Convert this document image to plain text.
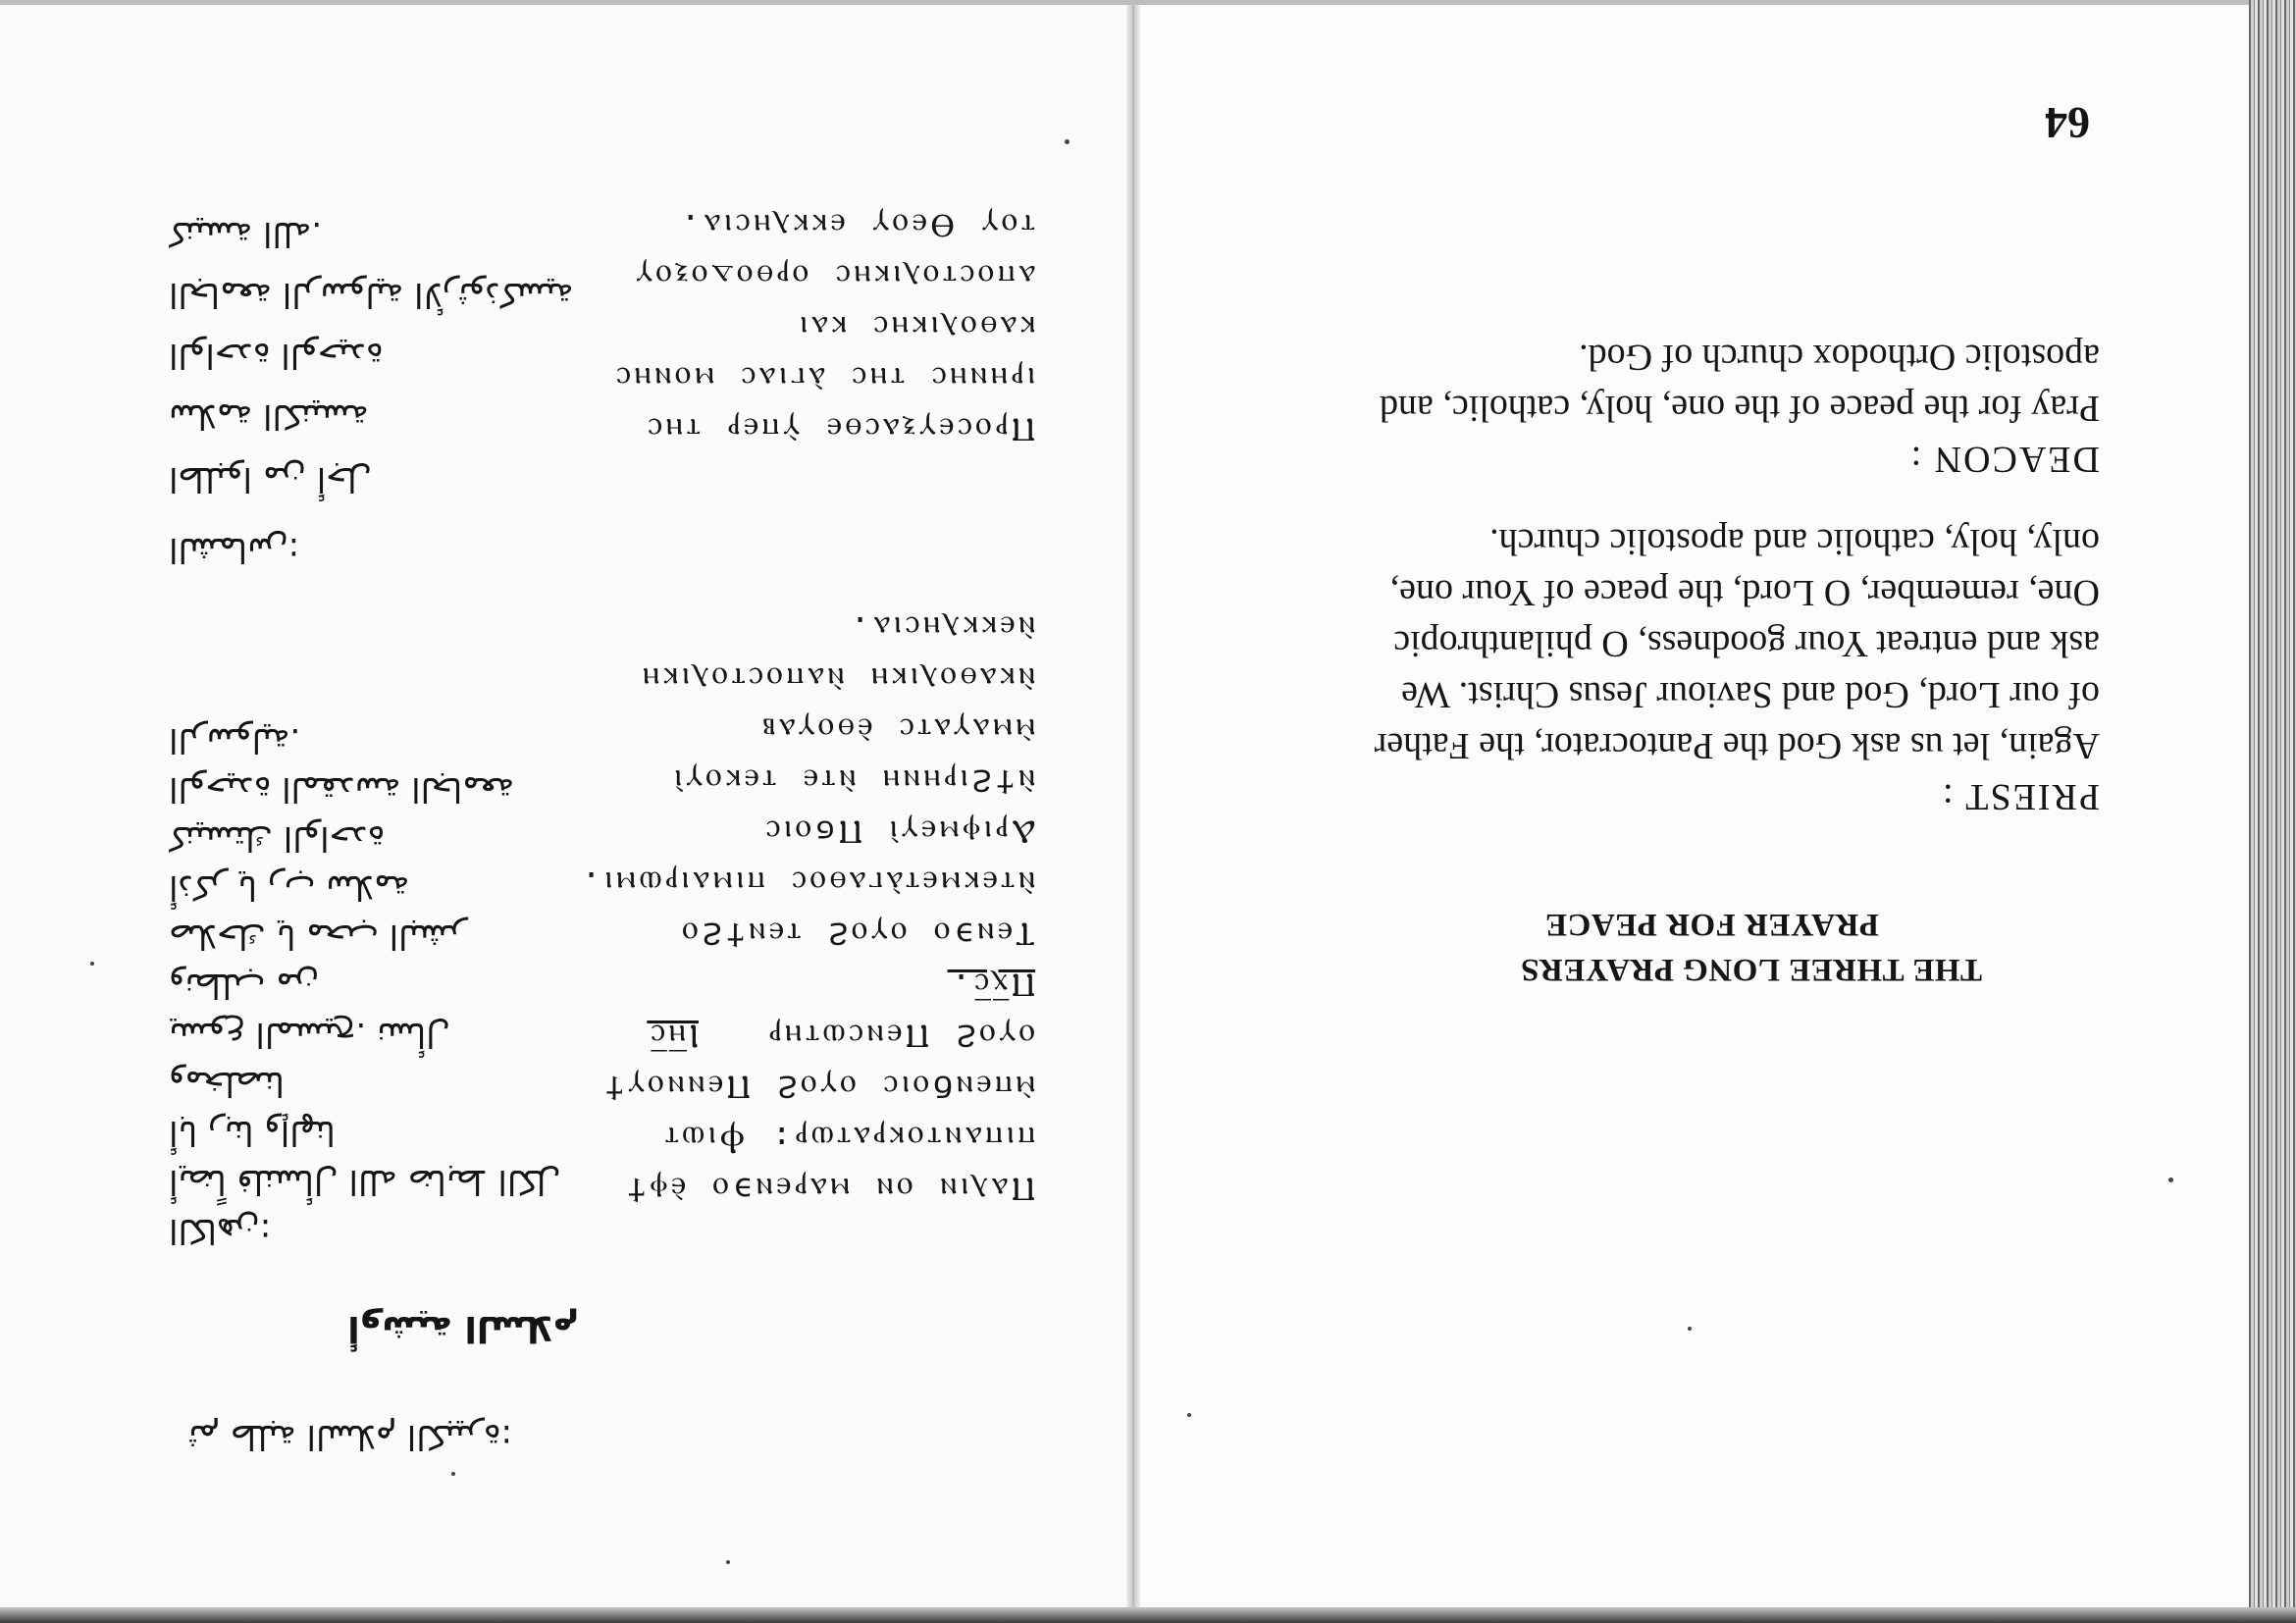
64
THE THREE LONG PRAYERS
PRAYER FOR PEACE
PRIEST :
Again, let us ask God the Pantocrator, the Father
of our Lord, God and Saviour Jesus Christ. We
ask and entreat Your goodness, O philanthropic
One, remember, O Lord, the peace of Your one,
only, holy, catholic and apostolic church.
DEACON :
Pray for the peace of the one, holy, catholic, and
apostolic Orthodox church of God.
Ⲡⲁⲗⲓⲛ ⲟⲛ ⲙⲁⲣⲉⲛ϶ⲟ ⲉ̀ⲫϯ
ⲡⲓⲡⲁⲛⲧⲟⲕⲣⲁⲧⲱⲣ: Ⲫⲓⲱⲧ
ⲙ̀ⲡⲉⲛϬⲟⲓⲥ ⲟⲩⲟϩ Ⲡⲉⲛⲛⲟⲩϯ
ⲟⲩⲟϩ Ⲡⲉⲛⲥⲱⲧⲏⲣ
Ⲓⲏ̅ⲥ̅
Ⲡⲭ̅ⲥ̅.
Ⲧⲉⲛ϶ⲟ ⲟⲩⲟϩ ⲧⲉⲛϯϩⲟ
ⲛ̀ⲧⲉⲕⲙⲉⲧⲁ̀ⲅⲁⲑⲟⲥ ⲡⲓⲙⲁⲓⲣⲱⲙⲓ.
Ⲁⲣⲓⲫⲙⲉⲩⲓ̀ Ⲡϭⲟⲓⲥ
ⲛ̀ϯϩⲓⲣⲏⲛⲏ ⲛ̀ⲧⲉ ⲧⲉⲕⲟⲩⲓ̀
ⲙ̀ⲙⲁⲩⲁⲧⲥ ⲉ̀ⲑⲟⲩⲁⲃ
ⲛ̀ⲕⲁⲑⲟⲗⲓⲕⲏ ⲛ̀ⲁⲡⲟⲥⲧⲟⲗⲓⲕⲏ
ⲛ̀ⲉⲕⲕⲗⲏⲥⲓⲁ.
Ⲡⲣⲟⲥⲉⲩⲝⲁⲥⲑⲉ ⲩ̀ⲡⲉⲣ ⲧⲏⲥ
ⲓⲣⲏⲛⲏⲥ ⲧⲏⲥ ⲁ̀ⲅⲓⲁⲥ ⲙⲟⲛⲏⲥ
ⲕⲁⲑⲟⲗⲓⲕⲏⲥ ⲕⲁⲓ
ⲁⲡⲟⲥⲧⲟⲗⲓⲕⲏⲥ ⲟⲣⲑⲟⲇⲟⲝⲟⲩ
ⲧⲟⲩ Ⲑⲉⲟⲩ ⲉⲕⲕⲗⲏⲥⲓⲁ.
ثم طلبة السلام الكبيرة:
أوشية السلام
الكاهن:
أيضاً فلنسأل الله ضابط الكل
أبا ربنا وإلهنا
ومخلصنا
يسوع المسيح. نسأل
ونطلب من
صلاحك يا محب البشر
أذكر يا رب سلامة
كنيستك الواحدة
الوحيدة المقدسة الجامعة
الرسولية.
الشماس:
اطلبوا من أجل
سلامة الكنيسة
الواحدة الوحيدة
الجامعة الرسولية الأرثوذكسية
كنيسة الله.
